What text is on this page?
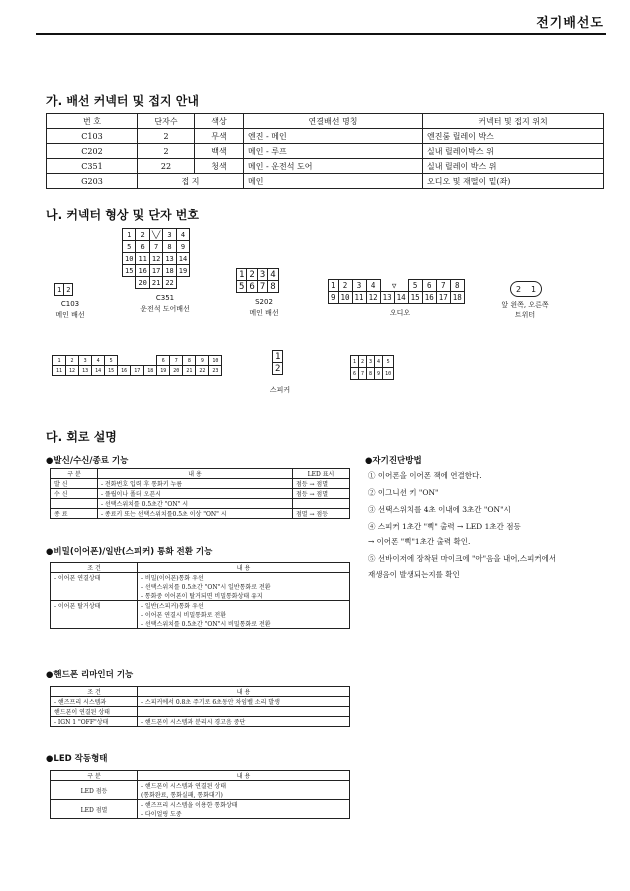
전기배선도
가. 배선 커넥터 및 접지 안내
번 호	단자수	색상	연결배선 명칭	커넥터 및 접지 위치
C103	2	무색	엔진 - 메인	엔진룸 릴레이 박스
C202	2	백색	메인 - 루프	실내 릴레이박스 위
C351	22	청색	메인 - 운전석 도어	실내 릴레이 박스 위
G203	접 지		메인	오디오 및 재떨이 밑(좌)
나. 커넥터 형상 및 단자 번호
1	2
C103
메인 배선
1	2	╲╱	3	4
5	6	7	8	9
10	11	12	13	14
15	16	17	18	19
	20	21	22	
C351
운전석 도어배선
1	2	3	4
5	6	7	8
S202
메인 배선
1	2	3	4	▽		5	6	7	8
9	10	11	12	13	14	15	16	17	18
오디오
2 1
앞 왼쪽, 오른쪽
트위터
1	2	3	4	5				6	7	8	9	10
11	12	13	14	15	16	17	18	19	20	21	22	23
1
2
스피커
1	2	3	4	5
6	7	8	9	10
다. 회로 설명
●발신/수신/종료 기능
구 분	내 용	LED 표시
발 신	- 전화번호 입력 후 통화키 누름	점등 → 점멸
수 신	- 플립이나 폴더 오픈시	점등 → 점멸
	- 선택스위치를 0.5초간 "ON" 시	
종 료	- 종료키 또는 선택스위치를0.5초 이상 "ON" 시	점멸 → 점등
●비밀(이어폰)/일반(스피커) 통화 전환 기능
조 건	내 용
- 이어폰 연결상태	- 비밀(이어폰)통화 우선
- 선택스위치를 0.5초간 "ON"시 일반통화로 전환
- 통화중 이어폰이 탈거되면 비밀통화상태 유지

- 이어폰 탈거상태	- 일반(스피커)통화 우선
- 이어폰 연결시 비밀통화로 전환
- 선택스위치를 0.5초간 "ON"시 비밀통화로 전환
●핸드폰 리마인더 기능
조 건	내 용
- 핸즈프리 시스템과	- 스피커에서 0.8초 주기로 6초동안 차임벨 소리 발생
핸드폰이 연결된 상태	
- IGN 1 "OFF"상태	- 핸드폰이 시스템과 분리시 경고음 중단
●LED 작동형태
구 분	내 용
LED 점등	- 핸드폰이 시스템과 연결된 상태
(통화완료, 통화실패, 통화대기)

LED 점멸	- 핸즈프리 시스템을 이용한 통화상태
- 다이얼링 도중
●자기진단방법
① 이어폰을 이어폰 잭에 연결한다.
② 이그니션 키 "ON"
③ 선택스위치를 4초 이내에 3초간 "ON"시
④ 스피커 1초간 "삑" 출력 → LED 1초간 점등
→ 이어폰 "삑"1초간 출력 확인.
⑤ 선바이저에 장착된 마이크에 "아"음을 내어,스피커에서
재생음이 발생되는지를 확인
